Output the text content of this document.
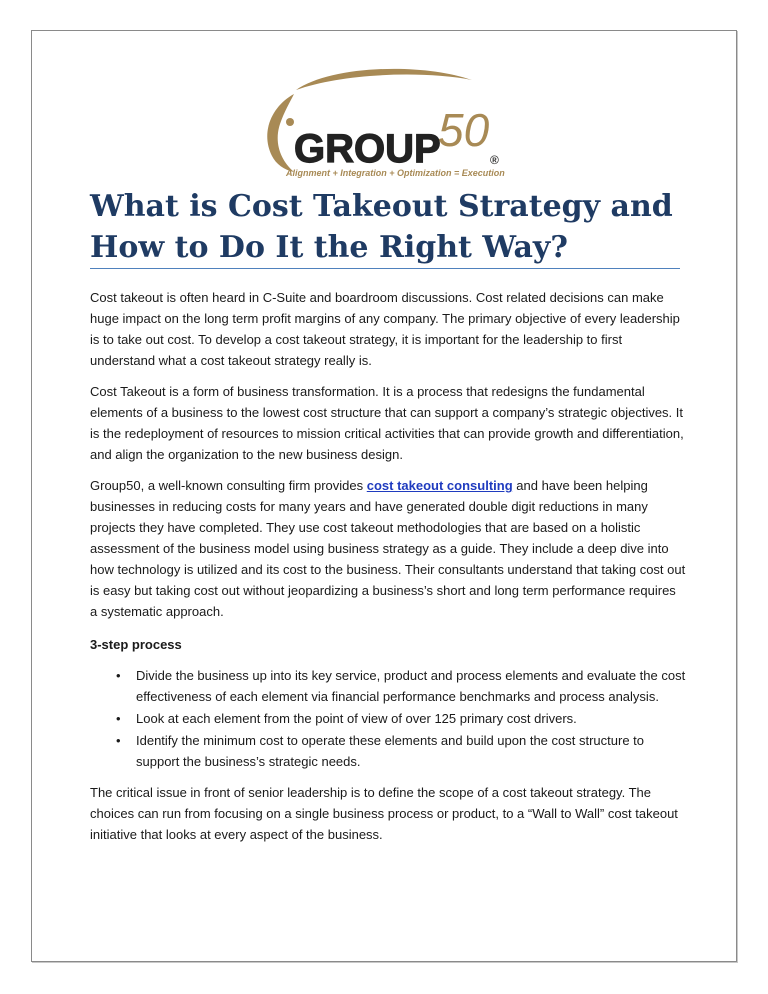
GROUP
50
®
Alignment + Integration + Optimization = Execution
What is Cost Takeout Strategy and
How to Do It the Right Way?

Cost takeout is often heard in C-Suite and boardroom discussions. Cost related decisions can make huge impact on the long term profit margins of any company. The primary objective of every leadership is to take out cost. To develop a cost takeout strategy, it is important for the leadership to first understand what a cost takeout strategy really is.

Cost Takeout is a form of business transformation. It is a process that redesigns the fundamental elements of a business to the lowest cost structure that can support a company’s strategic objectives. It is the redeployment of resources to mission critical activities that can provide growth and differentiation, and align the organization to the new business design.

Group50, a well-known consulting firm provides cost takeout consulting and have been helping businesses in reducing costs for many years and have generated double digit reductions in many projects they have completed. They use cost takeout methodologies that are based on a holistic assessment of the business model using business strategy as a guide. They include a deep dive into how technology is utilized and its cost to the business. Their consultants understand that taking cost out is easy but taking cost out without jeopardizing a business’s short and long term performance requires a systematic approach.

3-step process
• Divide the business up into its key service, product and process elements and evaluate the cost effectiveness of each element via financial performance benchmarks and process analysis.
• Look at each element from the point of view of over 125 primary cost drivers.
• Identify the minimum cost to operate these elements and build upon the cost structure to support the business’s strategic needs.

The critical issue in front of senior leadership is to define the scope of a cost takeout strategy. The choices can run from focusing on a single business process or product, to a “Wall to Wall” cost takeout initiative that looks at every aspect of the business.
